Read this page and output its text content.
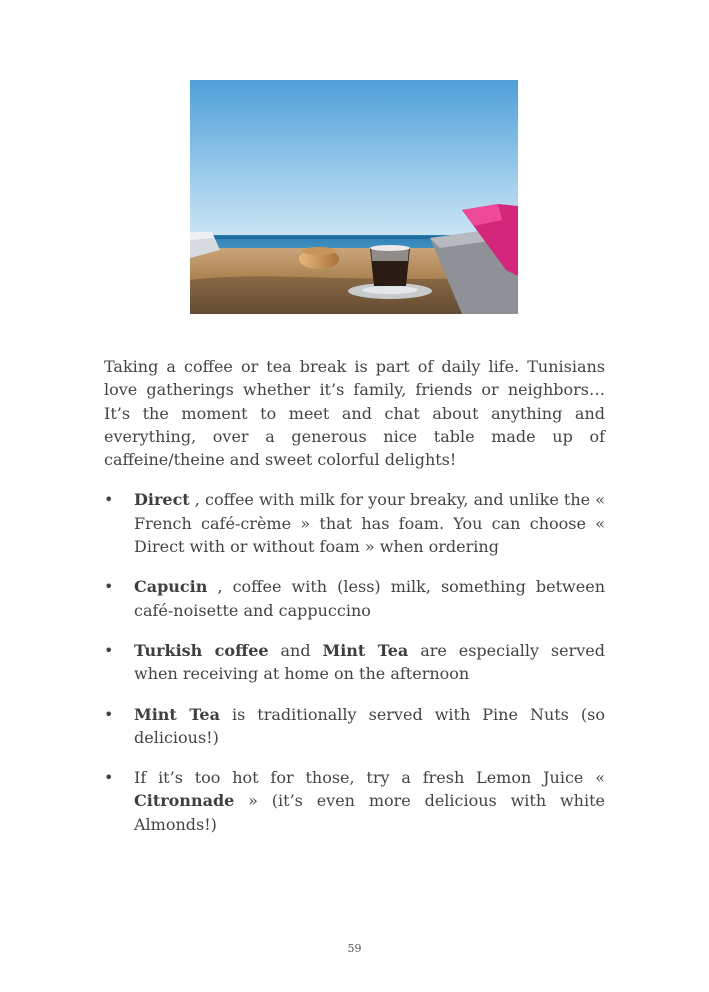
Taking a coffee or tea break is part of daily life. Tunisians love gatherings whether it’s family, friends or neighbors… It’s the moment to meet and chat about anything and everything, over a generous nice table made up of caffeine/theine and sweet colorful delights!

• Direct , coffee with milk for your breaky, and unlike the « French café-crème » that has foam. You can choose « Direct with or without foam » when ordering
• Capucin , coffee with (less) milk, something between café-noisette and cappuccino
• Turkish coffee and Mint Tea are especially served when receiving at home on the afternoon
• Mint Tea is traditionally served with Pine Nuts (so delicious!)
• If it’s too hot for those, try a fresh Lemon Juice « Citronnade » (it’s even more delicious with white Almonds!)
59
